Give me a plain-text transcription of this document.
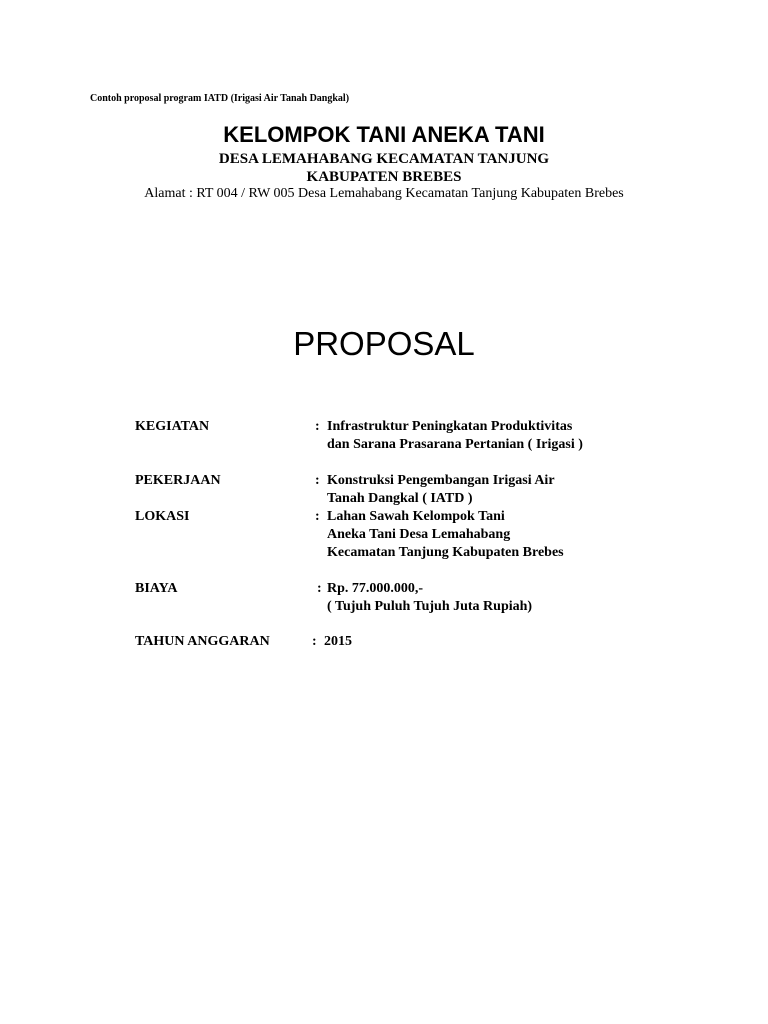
Contoh proposal program IATD (Irigasi Air Tanah Dangkal)
KELOMPOK TANI ANEKA TANI
DESA LEMAHABANG KECAMATAN TANJUNG
KABUPATEN BREBES
Alamat : RT 004 / RW 005 Desa Lemahabang Kecamatan Tanjung Kabupaten Brebes
PROPOSAL
KEGIATAN	: Infrastruktur Peningkatan Produktivitas
dan Sarana Prasarana Pertanian ( Irigasi )
PEKERJAAN	: Konstruksi Pengembangan Irigasi Air
Tanah Dangkal ( IATD )
LOKASI	: Lahan Sawah Kelompok Tani
Aneka Tani Desa Lemahabang
Kecamatan Tanjung Kabupaten Brebes
BIAYA	: Rp. 77.000.000,-
( Tujuh Puluh Tujuh Juta Rupiah)
TAHUN ANGGARAN	: 2015
